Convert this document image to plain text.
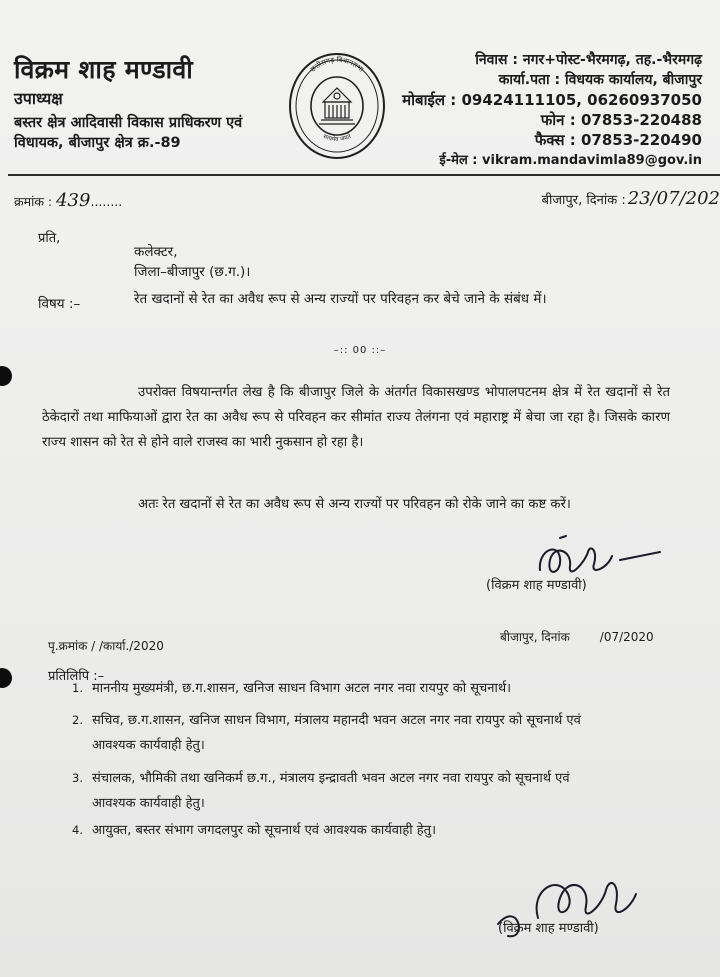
विक्रम शाह मण्डावी
उपाध्यक्ष
बस्तर क्षेत्र आदिवासी विकास प्राधिकरण एवं
विधायक, बीजापुर क्षेत्र क्र.-89
छत्तीसगढ़ विधानसभा
सत्यमेव जयते
निवास : नगर+पोस्ट-भैरमगढ़, तह.-भैरमगढ़
कार्या.पता : विधयक कार्यालय, बीजापुर
मोबाईल : 09424111105, 06260937050
फोन : 07853-220488
फैक्स : 07853-220490
ई-मेल : vikram.mandavimla89@gov.in
क्रमांक : 439........	बीजापुर, दिनांक : 23/07/202
प्रति,
कलेक्टर,
जिला–बीजापुर (छ.ग.)।
विषय :–	रेत खदानों से रेत का अवैध रूप से अन्य राज्यों पर परिवहन कर बेचे जाने के संबंध में।
–:: 00 ::–
उपरोक्त विषयान्तर्गत लेख है कि बीजापुर जिले के अंतर्गत विकासखण्ड भोपालपटनम क्षेत्र में रेत खदानों से रेत ठेकेदारों तथा माफियाओं द्वारा रेत का अवैध रूप से परिवहन कर सीमांत राज्य तेलंगना एवं महाराष्ट्र में बेचा जा रहा है। जिसके कारण राज्य शासन को रेत से होने वाले राजस्व का भारी नुकसान हो रहा है।
अतः रेत खदानों से रेत का अवैध रूप से अन्य राज्यों पर परिवहन को रोके जाने का कष्ट करें।
(विक्रम शाह मण्डावी)
पृ.क्रमांक / /कार्या./2020
बीजापुर, दिनांक	/07/2020
प्रतिलिपि :–
1. माननीय मुख्यमंत्री, छ.ग.शासन, खनिज साधन विभाग अटल नगर नवा रायपुर को सूचनार्थ।
2. सचिव, छ.ग.शासन, खनिज साधन विभाग, मंत्रालय महानदी भवन अटल नगर नवा रायपुर को सूचनार्थ एवं
आवश्यक कार्यवाही हेतु।
3. संचालक, भौमिकी तथा खनिकर्म छ.ग., मंत्रालय इन्द्रावती भवन अटल नगर नवा रायपुर को सूचनार्थ एवं
आवश्यक कार्यवाही हेतु।
4. आयुक्त, बस्तर संभाग जगदलपुर को सूचनार्थ एवं आवश्यक कार्यवाही हेतु।
(विक्रम शाह मण्डावी)
